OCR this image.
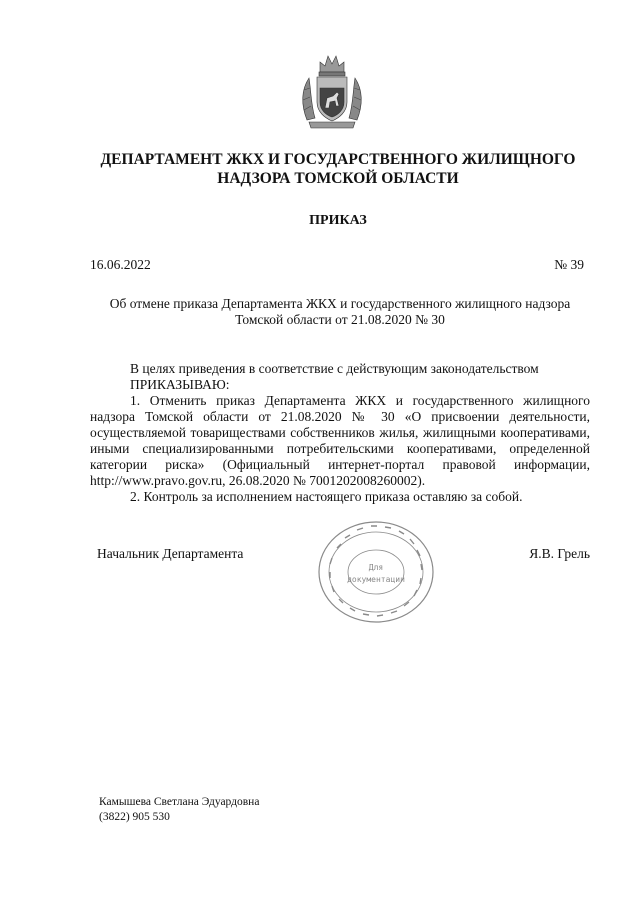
ДЕПАРТАМЕНТ ЖКХ И ГОСУДАРСТВЕННОГО ЖИЛИЩНОГО
НАДЗОРА ТОМСКОЙ ОБЛАСТИ
ПРИКАЗ
16.06.2022	№ 39
Об отмене приказа Департамента ЖКХ и государственного жилищного надзора
Томской области от 21.08.2020 № 30

В целях приведения в соответствие с действующим законодательством

ПРИКАЗЫВАЮ:

1. Отменить приказ Департамента ЖКХ и государственного жилищного надзора Томской области от 21.08.2020 № 30 «О присвоении деятельности, осуществляемой товариществами собственников жилья, жилищными кооперативами, иными специализированными потребительскими кооперативами, определенной категории риска» (Официальный интернет-портал правовой информации, http://www.pravo.gov.ru, 26.08.2020 № 7001202008260002).

2. Контроль за исполнением настоящего приказа оставляю за собой.

Начальник Департамента
Для
документации
Я.В. Грель
Камышева Светлана Эдуардовна
(3822) 905 530
